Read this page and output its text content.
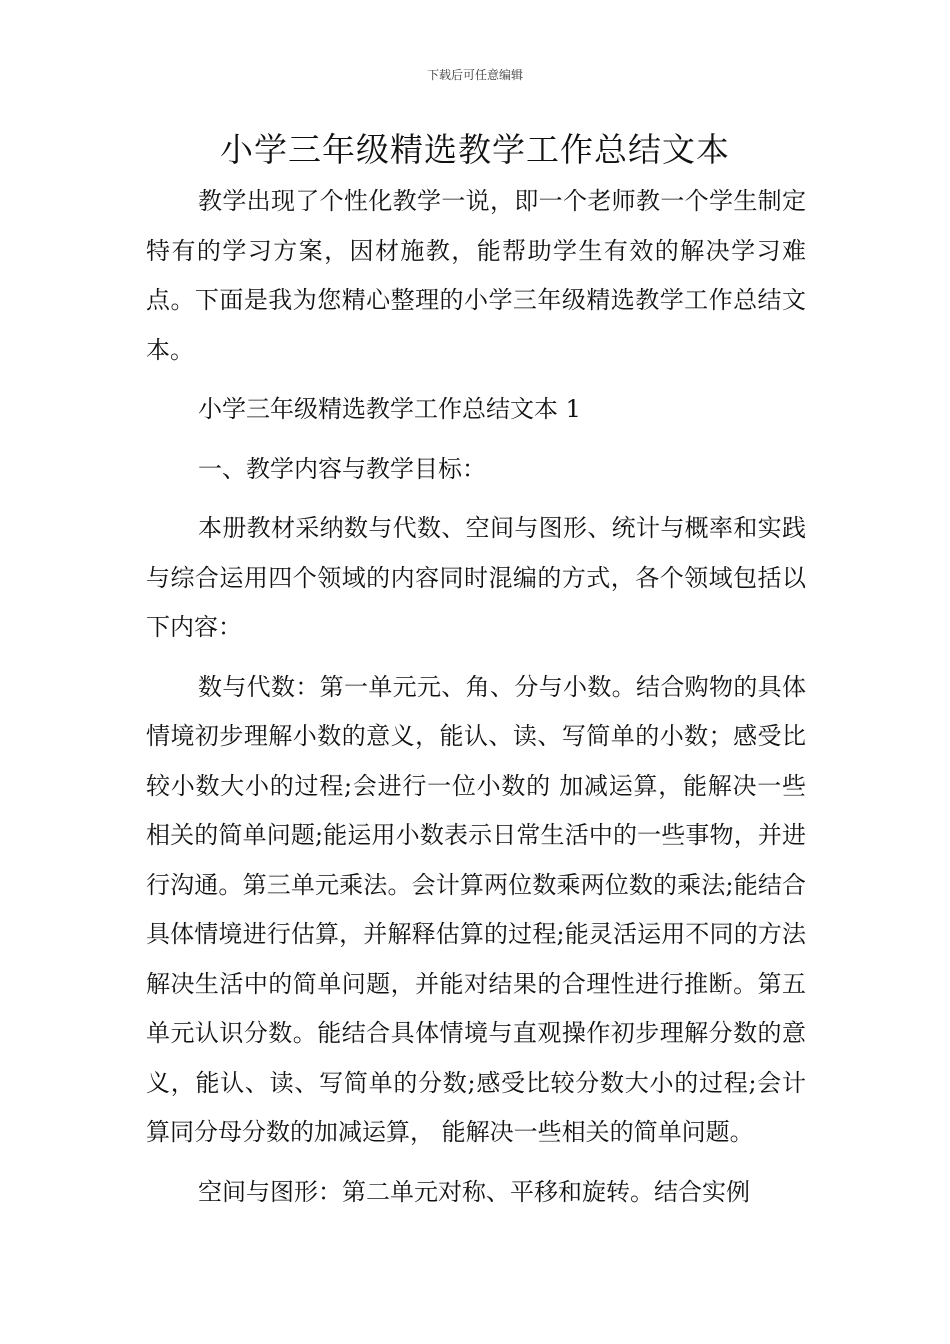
下载后可任意编辑
小学三年级精选教学工作总结文本

教学出现了个性化教学一说，即一个老师教一个学生制定特有的学习方案，因材施教，能帮助学生有效的解决学习难点。下面是我为您精心整理的小学三年级精选教学工作总结文本。

小学三年级精选教学工作总结文本 1

一、教学内容与教学目标：

本册教材采纳数与代数、空间与图形、统计与概率和实践与综合运用四个领域的内容同时混编的方式，各个领域包括以下内容：

数与代数：第一单元元、角、分与小数。结合购物的具体情境初步理解小数的意义，能认、读、写简单的小数；感受比较小数大小的过程;会进行一位小数的 加减运算，能解决一些相关的简单问题;能运用小数表示日常生活中的一些事物，并进行沟通。第三单元乘法。会计算两位数乘两位数的乘法;能结合具体情境进行估算，并解释估算的过程;能灵活运用不同的方法解决生活中的简单问题，并能对结果的合理性进行推断。第五单元认识分数。能结合具体情境与直观操作初步理解分数的意义，能认、读、写简单的分数;感受比较分数大小的过程;会计算同分母分数的加减运算， 能解决一些相关的简单问题。

空间与图形：第二单元对称、平移和旋转。结合实例
